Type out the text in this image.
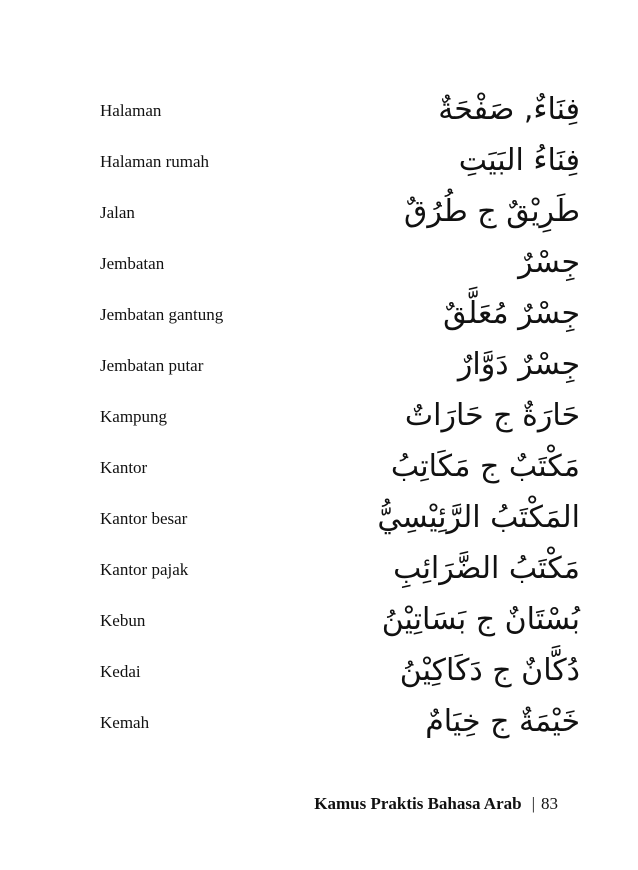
Halaman	فِنَاءٌ, صَفْحَةٌ
Halaman rumah	فِنَاءُ البَيَتِ
Jalan	طَرِيْقٌ ج طُرُقٌ
Jembatan	جِسْرٌ
Jembatan gantung	جِسْرٌ مُعَلَّقٌ
Jembatan putar	جِسْرٌ دَوَّارٌ
Kampung	حَارَةٌ ج حَارَاتٌ
Kantor	مَكْتَبٌ ج مَكَاتِبُ
Kantor besar	المَكْتَبُ الرَّئِيْسِيُّ
Kantor pajak	مَكْتَبُ الضَّرَائِبِ
Kebun	بُسْتَانٌ ج بَسَاتِيْنُ
Kedai	دُكَّانٌ ج دَكَاكِيْنُ
Kemah	خَيْمَةٌ ج خِيَامٌ
Kamus Praktis Bahasa Arab | 83
